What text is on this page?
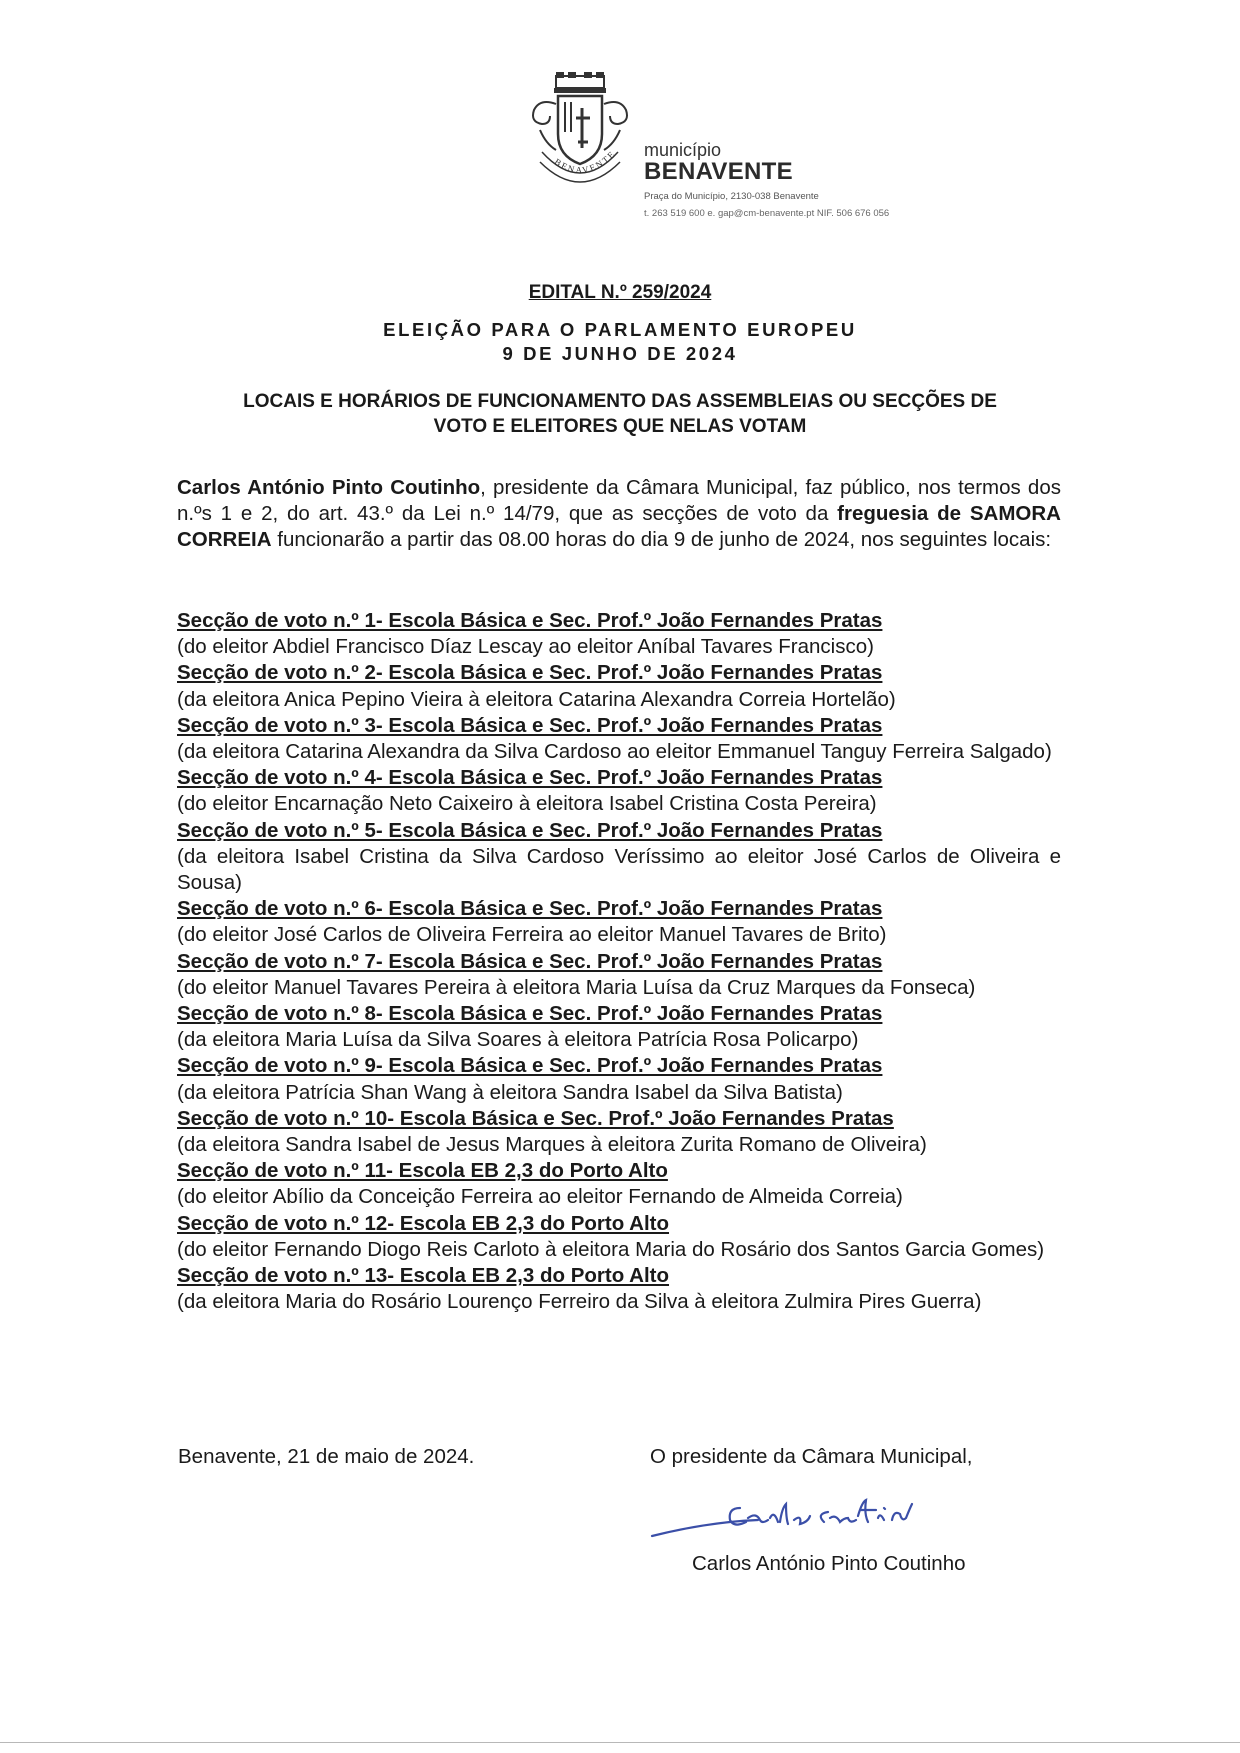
BENAVENTE município
BENAVENTE
Praça do Município, 2130-038 Benavente
t. 263 519 600 e. gap@cm-benavente.pt NIF. 506 676 056
EDITAL N.º 259/2024
ELEIÇÃO PARA O PARLAMENTO EUROPEU
9 DE JUNHO DE 2024
LOCAIS E HORÁRIOS DE FUNCIONAMENTO DAS ASSEMBLEIAS OU SECÇÕES DE
VOTO E ELEITORES QUE NELAS VOTAM
Carlos António Pinto Coutinho, presidente da Câmara Municipal, faz público, nos termos dos n.ºs 1 e 2, do art. 43.º da Lei n.º 14/79, que as secções de voto da freguesia de SAMORA CORREIA funcionarão a partir das 08.00 horas do dia 9 de junho de 2024, nos seguintes locais:
Secção de voto n.º 1- Escola Básica e Sec. Prof.º João Fernandes Pratas
(do eleitor Abdiel Francisco Díaz Lescay ao eleitor Aníbal Tavares Francisco)
Secção de voto n.º 2- Escola Básica e Sec. Prof.º João Fernandes Pratas
(da eleitora Anica Pepino Vieira à eleitora Catarina Alexandra Correia Hortelão)
Secção de voto n.º 3- Escola Básica e Sec. Prof.º João Fernandes Pratas
(da eleitora Catarina Alexandra da Silva Cardoso ao eleitor Emmanuel Tanguy Ferreira Salgado)
Secção de voto n.º 4- Escola Básica e Sec. Prof.º João Fernandes Pratas
(do eleitor Encarnação Neto Caixeiro à eleitora Isabel Cristina Costa Pereira)
Secção de voto n.º 5- Escola Básica e Sec. Prof.º João Fernandes Pratas
(da eleitora Isabel Cristina da Silva Cardoso Veríssimo ao eleitor José Carlos de Oliveira e Sousa)
Secção de voto n.º 6- Escola Básica e Sec. Prof.º João Fernandes Pratas
(do eleitor José Carlos de Oliveira Ferreira ao eleitor Manuel Tavares de Brito)
Secção de voto n.º 7- Escola Básica e Sec. Prof.º João Fernandes Pratas
(do eleitor Manuel Tavares Pereira à eleitora Maria Luísa da Cruz Marques da Fonseca)
Secção de voto n.º 8- Escola Básica e Sec. Prof.º João Fernandes Pratas
(da eleitora Maria Luísa da Silva Soares à eleitora Patrícia Rosa Policarpo)
Secção de voto n.º 9- Escola Básica e Sec. Prof.º João Fernandes Pratas
(da eleitora Patrícia Shan Wang à eleitora Sandra Isabel da Silva Batista)
Secção de voto n.º 10- Escola Básica e Sec. Prof.º João Fernandes Pratas
(da eleitora Sandra Isabel de Jesus Marques à eleitora Zurita Romano de Oliveira)
Secção de voto n.º 11- Escola EB 2,3 do Porto Alto
(do eleitor Abílio da Conceição Ferreira ao eleitor Fernando de Almeida Correia)
Secção de voto n.º 12- Escola EB 2,3 do Porto Alto
(do eleitor Fernando Diogo Reis Carloto à eleitora Maria do Rosário dos Santos Garcia Gomes)
Secção de voto n.º 13- Escola EB 2,3 do Porto Alto
(da eleitora Maria do Rosário Lourenço Ferreiro da Silva à eleitora Zulmira Pires Guerra)
Benavente, 21 de maio de 2024.	O presidente da Câmara Municipal,
Carlos António Pinto Coutinho
